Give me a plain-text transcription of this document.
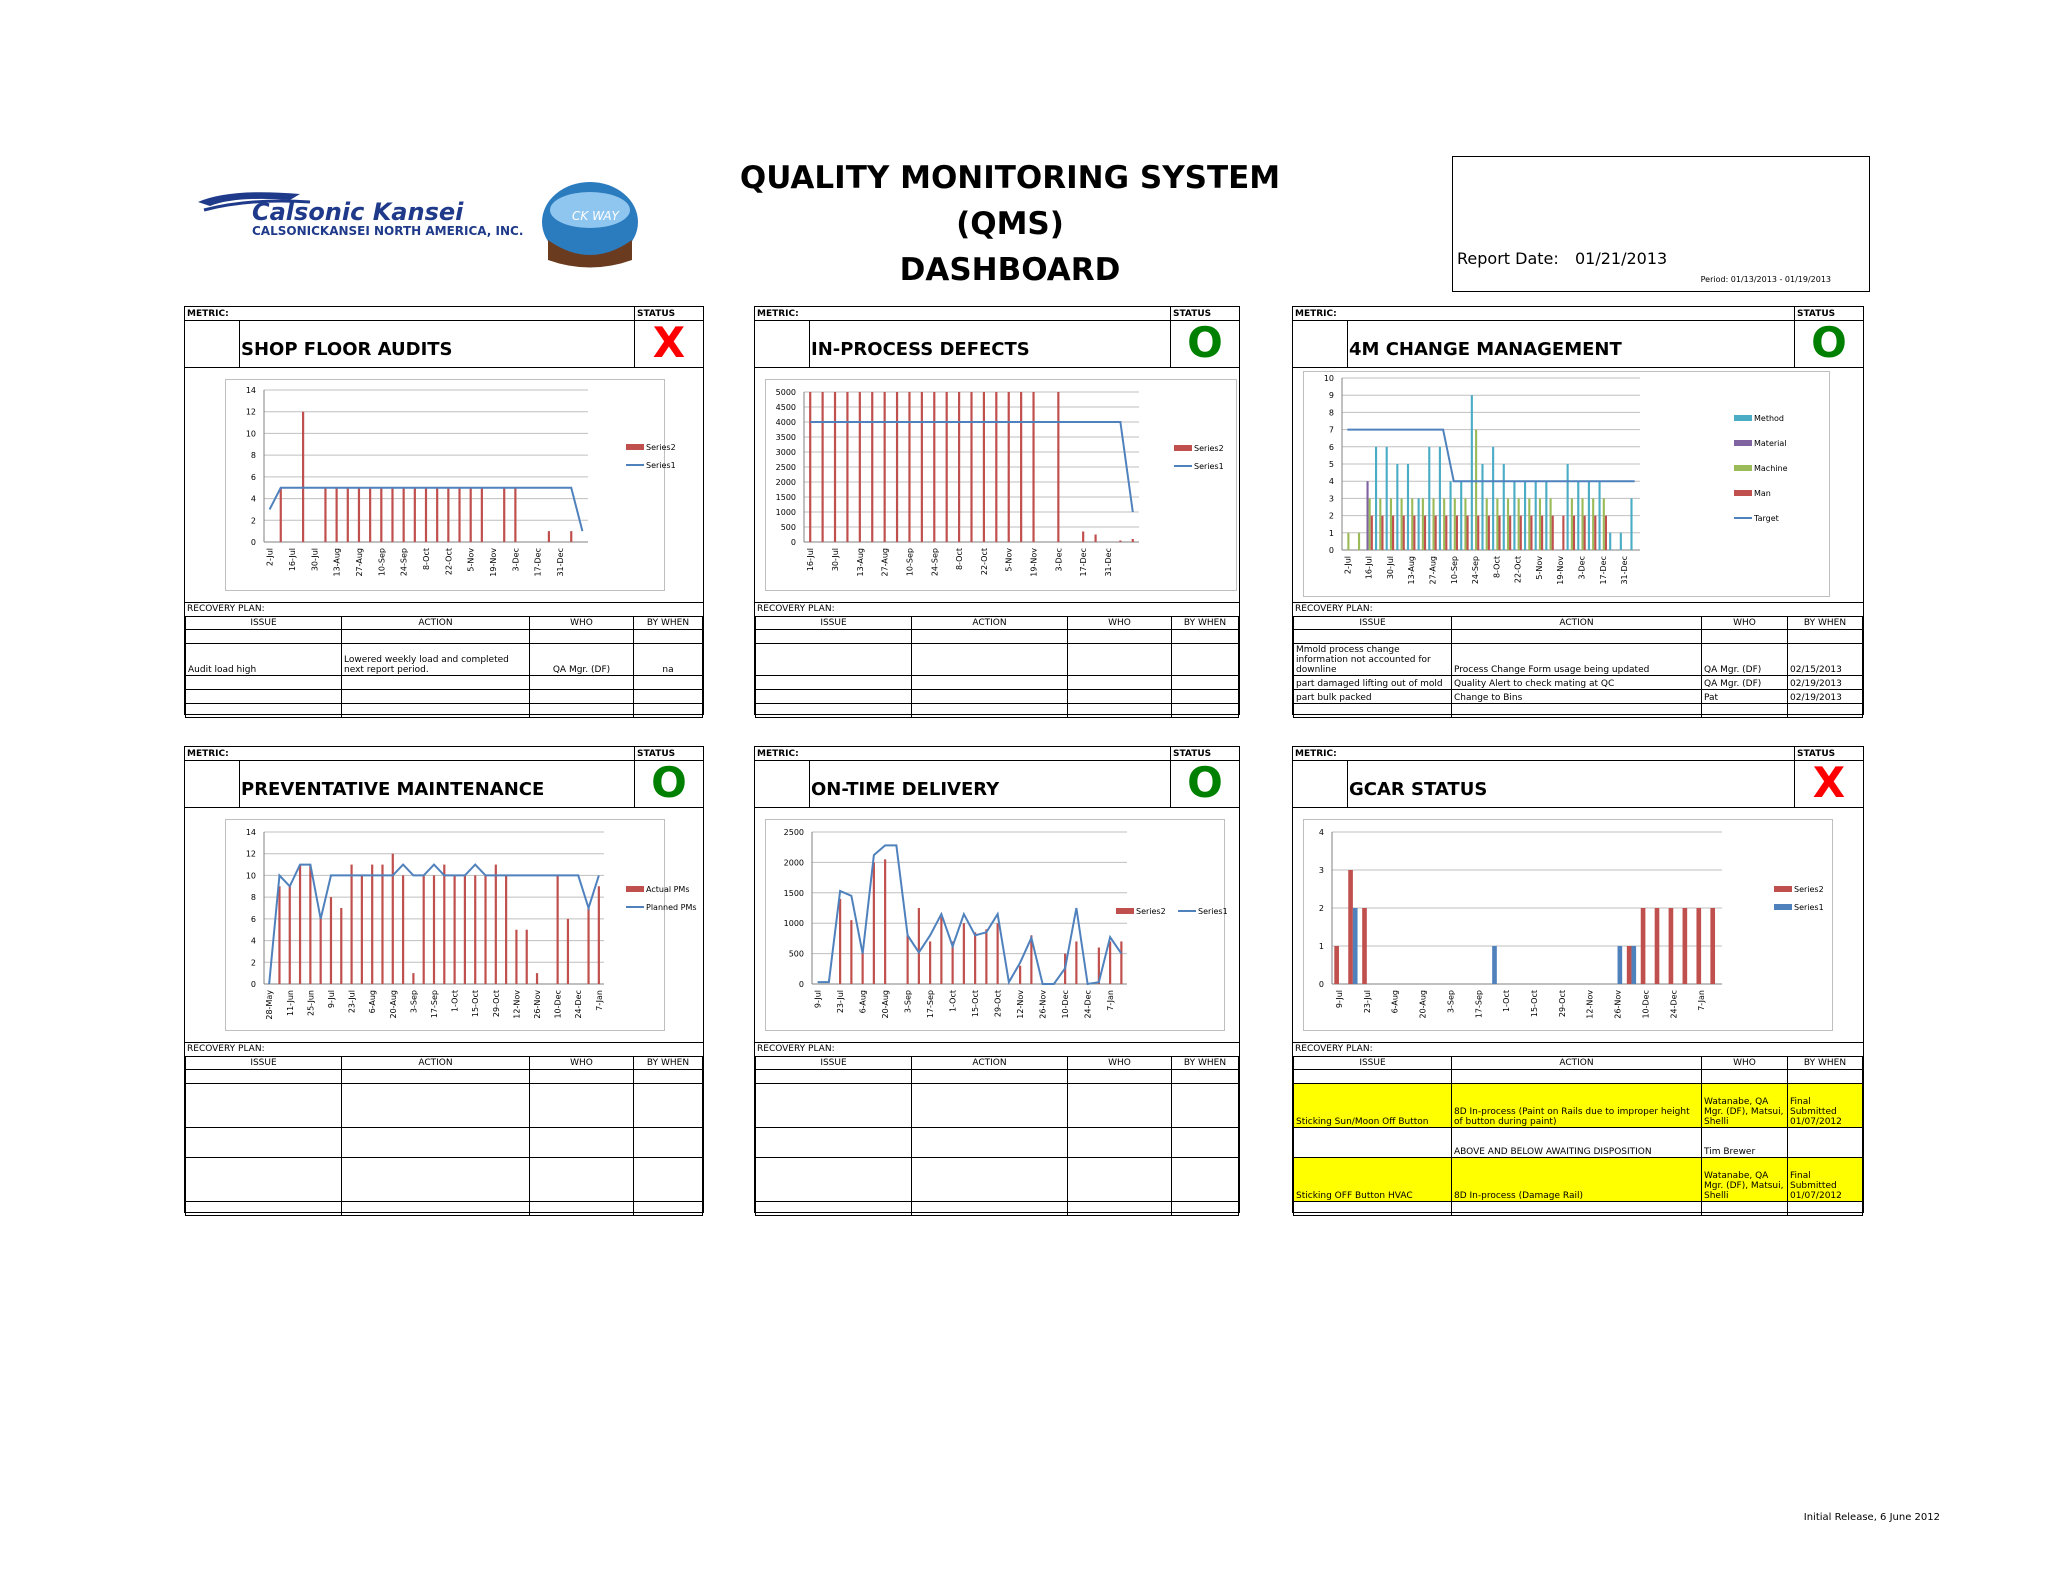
Calsonic Kansei
CALSONICKANSEI NORTH AMERICA, INC.
CK WAY
QUALITY MONITORING SYSTEM
(QMS)
DASHBOARD	Report Date: 01/21/2013
Period: 01/13/2013 - 01/19/2013
METRIC:
SHOP FLOOR AUDITS
STATUS
X
0
2
4
6
8
10
12
14
2-Jul 16-Jul 30-Jul 13-Aug 27-Aug 10-Sep 24-Sep 8-Oct 22-Oct 5-Nov 19-Nov 3-Dec 17-Dec 31-Dec
Series2
Series1
RECOVERY PLAN:
ISSUE	ACTION	WHO	BY WHEN

Audit load high	Lowered weekly load and completed next report period.	QA Mgr. (DF)	na

METRIC:
IN-PROCESS DEFECTS
STATUS
O
0
500
1000
1500
2000
2500
3000
3500
4000
4500
5000
16-Jul 30-Jul 13-Aug 27-Aug 10-Sep 24-Sep 8-Oct 22-Oct 5-Nov 19-Nov 3-Dec 17-Dec 31-Dec
Series2
Series1
RECOVERY PLAN:
ISSUE	ACTION	WHO	BY WHEN

METRIC:
4M CHANGE MANAGEMENT
STATUS
O
0
1
2
3
4
5
6
7
8
9
10
2-Jul 16-Jul 30-Jul 13-Aug 27-Aug 10-Sep 24-Sep 8-Oct 22-Oct 5-Nov 19-Nov 3-Dec 17-Dec 31-Dec
Method
Material
Machine
Man
Target
RECOVERY PLAN:
ISSUE	ACTION	WHO	BY WHEN

Mmold process change information not accounted for downline	Process Change Form usage being updated	QA Mgr. (DF)	02/15/2013
part damaged lifting out of mold	Quality Alert to check mating at QC	QA Mgr. (DF)	02/19/2013
part bulk packed	Change to Bins	Pat	02/19/2013

METRIC:
PREVENTATIVE MAINTENANCE
STATUS
O
0
2
4
6
8
10
12
14
28-May 11-Jun 25-Jun 9-Jul 23-Jul 6-Aug 20-Aug 3-Sep 17-Sep 1-Oct 15-Oct 29-Oct 12-Nov 26-Nov 10-Dec 24-Dec 7-Jan
Actual PMs
Planned PMs
RECOVERY PLAN:
ISSUE	ACTION	WHO	BY WHEN

METRIC:
ON-TIME DELIVERY
STATUS
O
0
500
1000
1500
2000
2500
9-Jul 23-Jul 6-Aug 20-Aug 3-Sep 17-Sep 1-Oct 15-Oct 29-Oct 12-Nov 26-Nov 10-Dec 24-Dec 7-Jan
Series2	Series1
RECOVERY PLAN:
ISSUE	ACTION	WHO	BY WHEN

METRIC:
GCAR STATUS
STATUS
X
0
1
2
3
4
9-Jul 23-Jul 6-Aug 20-Aug 3-Sep 17-Sep 1-Oct 15-Oct 29-Oct 12-Nov 26-Nov 10-Dec 24-Dec 7-Jan
Series2
Series1
RECOVERY PLAN:
ISSUE	ACTION	WHO	BY WHEN

Sticking Sun/Moon Off Button	8D In-process (Paint on Rails due to improper height of button during paint)	Watanabe, QA Mgr. (DF), Matsui, Shelli	Final Submitted 01/07/2012
	ABOVE AND BELOW AWAITING DISPOSITION	Tim Brewer	
Sticking OFF Button HVAC	8D In-process (Damage Rail)	Watanabe, QA Mgr. (DF), Matsui, Shelli	Final Submitted 01/07/2012

Initial Release, 6 June 2012
